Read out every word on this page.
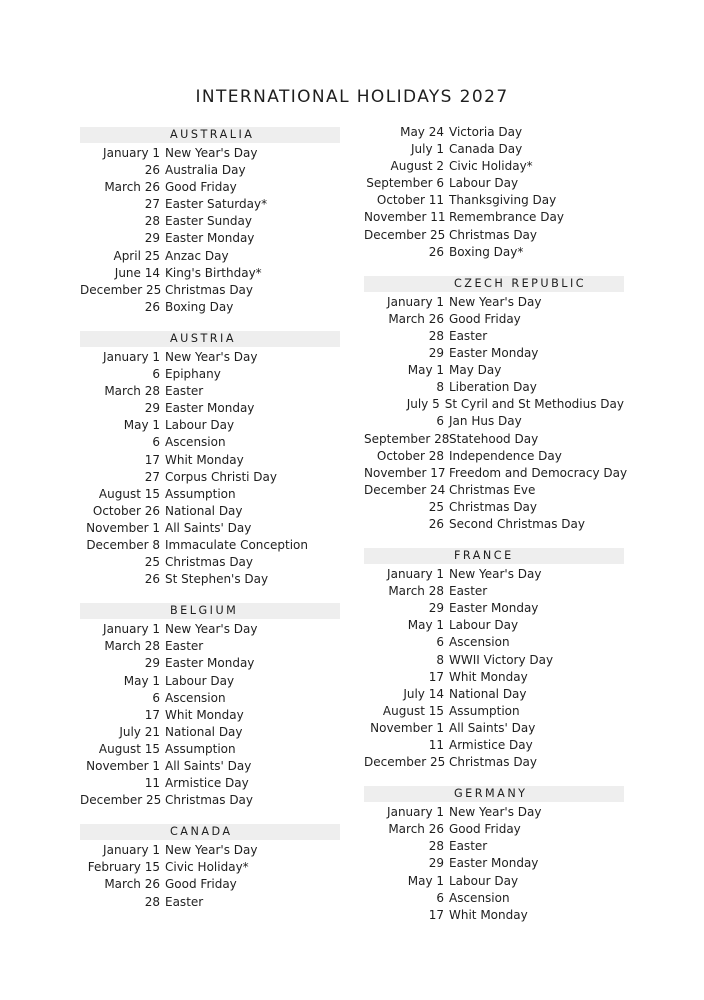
INTERNATIONAL HOLIDAYS 2027
AUSTRALIA
January 1 New Year's Day
26 Australia Day
March 26 Good Friday
27 Easter Saturday*
28 Easter Sunday
29 Easter Monday
April 25 Anzac Day
June 14 King's Birthday*
December 25 Christmas Day
26 Boxing Day
AUSTRIA
January 1 New Year's Day
6 Epiphany
March 28 Easter
29 Easter Monday
May 1 Labour Day
6 Ascension
17 Whit Monday
27 Corpus Christi Day
August 15 Assumption
October 26 National Day
November 1 All Saints' Day
December 8 Immaculate Conception
25 Christmas Day
26 St Stephen's Day
BELGIUM
January 1 New Year's Day
March 28 Easter
29 Easter Monday
May 1 Labour Day
6 Ascension
17 Whit Monday
July 21 National Day
August 15 Assumption
November 1 All Saints' Day
11 Armistice Day
December 25 Christmas Day
CANADA
January 1 New Year's Day
February 15 Civic Holiday*
March 26 Good Friday
28 Easter
May 24 Victoria Day
July 1 Canada Day
August 2 Civic Holiday*
September 6 Labour Day
October 11 Thanksgiving Day
November 11 Remembrance Day
December 25 Christmas Day
26 Boxing Day*
CZECH REPUBLIC
January 1 New Year's Day
March 26 Good Friday
28 Easter
29 Easter Monday
May 1 May Day
8 Liberation Day
July 5 St Cyril and St Methodius Day
6 Jan Hus Day
September 28 Statehood Day
October 28 Independence Day
November 17 Freedom and Democracy Day
December 24 Christmas Eve
25 Christmas Day
26 Second Christmas Day
FRANCE
January 1 New Year's Day
March 28 Easter
29 Easter Monday
May 1 Labour Day
6 Ascension
8 WWII Victory Day
17 Whit Monday
July 14 National Day
August 15 Assumption
November 1 All Saints' Day
11 Armistice Day
December 25 Christmas Day
GERMANY
January 1 New Year's Day
March 26 Good Friday
28 Easter
29 Easter Monday
May 1 Labour Day
6 Ascension
17 Whit Monday
